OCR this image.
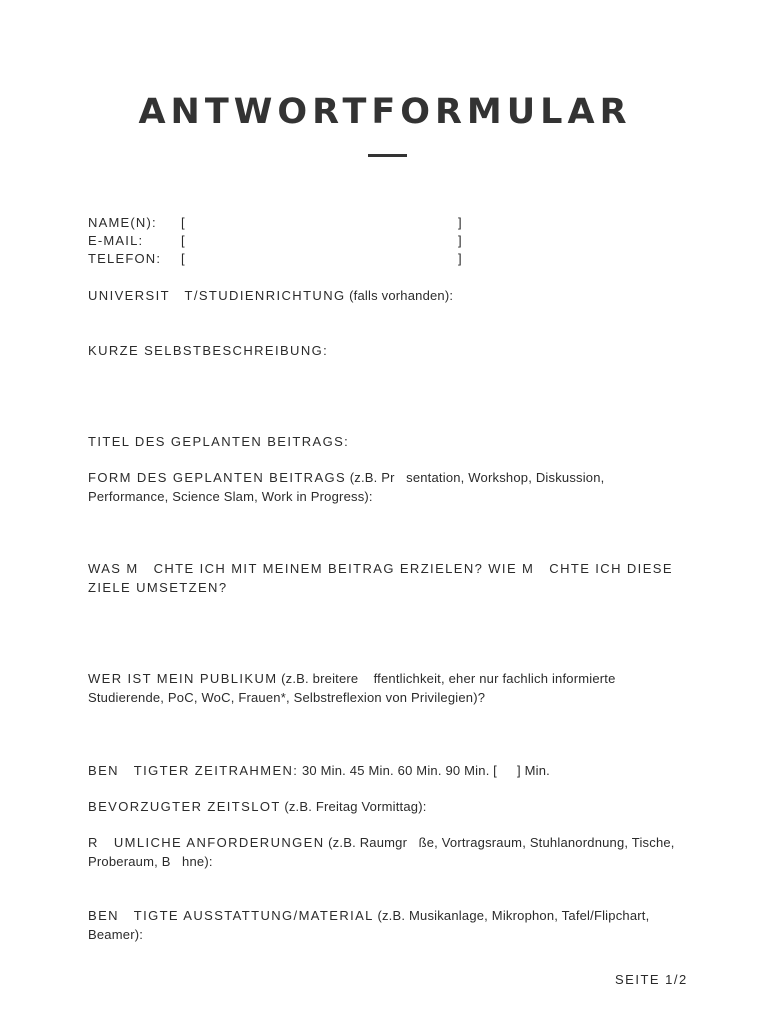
ANTWORTFORMULAR
NAME(N): [	]
E-MAIL:	[	]
TELEFON: [	]
UNIVERSIT   T/STUDIENRICHTUNG (falls vorhanden):
KURZE SELBSTBESCHREIBUNG:
TITEL DES GEPLANTEN BEITRAGS:
FORM DES GEPLANTEN BEITRAGS (z.B. Pr   sentation, Workshop, Diskussion, Performance, Science Slam, Work in Progress):
WAS M   CHTE ICH MIT MEINEM BEITRAG ERZIELEN? WIE M   CHTE ICH DIESE ZIELE UMSETZEN?
WER IST MEIN PUBLIKUM (z.B. breitere    ffentlichkeit, eher nur fachlich informierte Studierende, PoC, WoC, Frauen*, Selbstreflexion von Privilegien)?
BEN   TIGTER ZEITRAHMEN: 30 Min. 45 Min. 60 Min. 90 Min. [ ] Min.
BEVORZUGTER ZEITSLOT (z.B. Freitag Vormittag):
R   UMLICHE ANFORDERUNGEN (z.B. Raumgr   ße, Vortragsraum, Stuhlanordnung, Tische, Proberaum, B   hne):
BEN   TIGTE AUSSTATTUNG/MATERIAL (z.B. Musikanlage, Mikrophon, Tafel/Flipchart, Beamer):
SEITE 1/2
